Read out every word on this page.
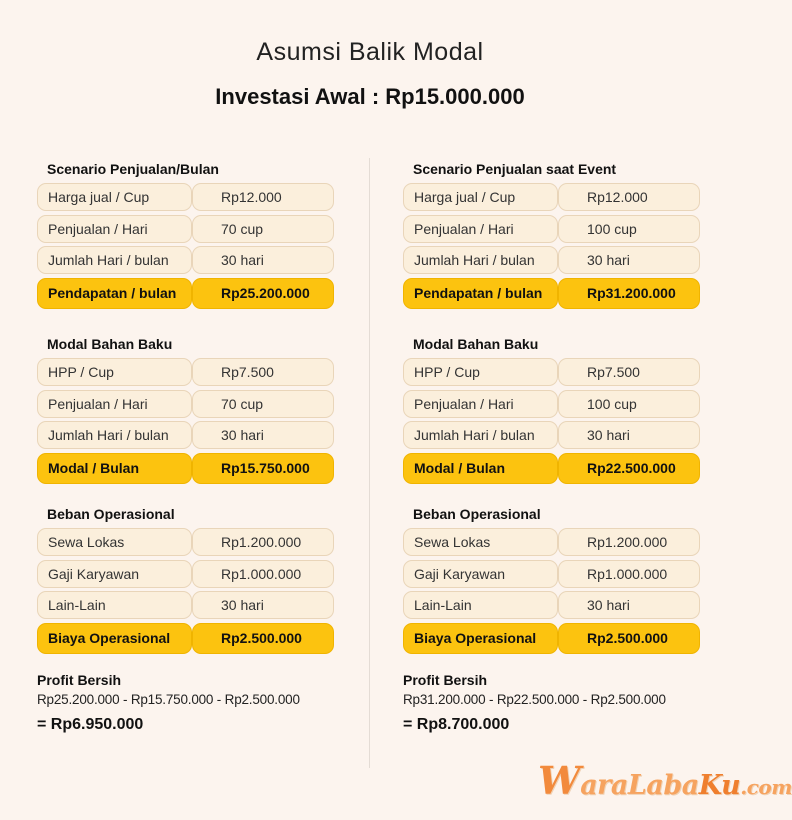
Asumsi Balik Modal
Investasi Awal : Rp15.000.000
Scenario Penjualan/Bulan
Harga jual / Cup	Rp12.000
Penjualan / Hari	70 cup
Jumlah Hari / bulan	30 hari
Pendapatan / bulan	Rp25.200.000
Modal Bahan Baku
HPP / Cup	Rp7.500
Penjualan / Hari	70 cup
Jumlah Hari / bulan	30 hari
Modal / Bulan	Rp15.750.000
Beban Operasional
Sewa Lokas	Rp1.200.000
Gaji Karyawan	Rp1.000.000
Lain-Lain	30 hari
Biaya Operasional	Rp2.500.000
Profit Bersih
Rp25.200.000 - Rp15.750.000 - Rp2.500.000
= Rp6.950.000
Scenario Penjualan saat Event
Harga jual / Cup	Rp12.000
Penjualan / Hari	100 cup
Jumlah Hari / bulan	30 hari
Pendapatan / bulan	Rp31.200.000
Modal Bahan Baku
HPP / Cup	Rp7.500
Penjualan / Hari	100 cup
Jumlah Hari / bulan	30 hari
Modal / Bulan	Rp22.500.000
Beban Operasional
Sewa Lokas	Rp1.200.000
Gaji Karyawan	Rp1.000.000
Lain-Lain	30 hari
Biaya Operasional	Rp2.500.000
Profit Bersih
Rp31.200.000 - Rp22.500.000 - Rp2.500.000
= Rp8.700.000
WaraLabaKu.com
